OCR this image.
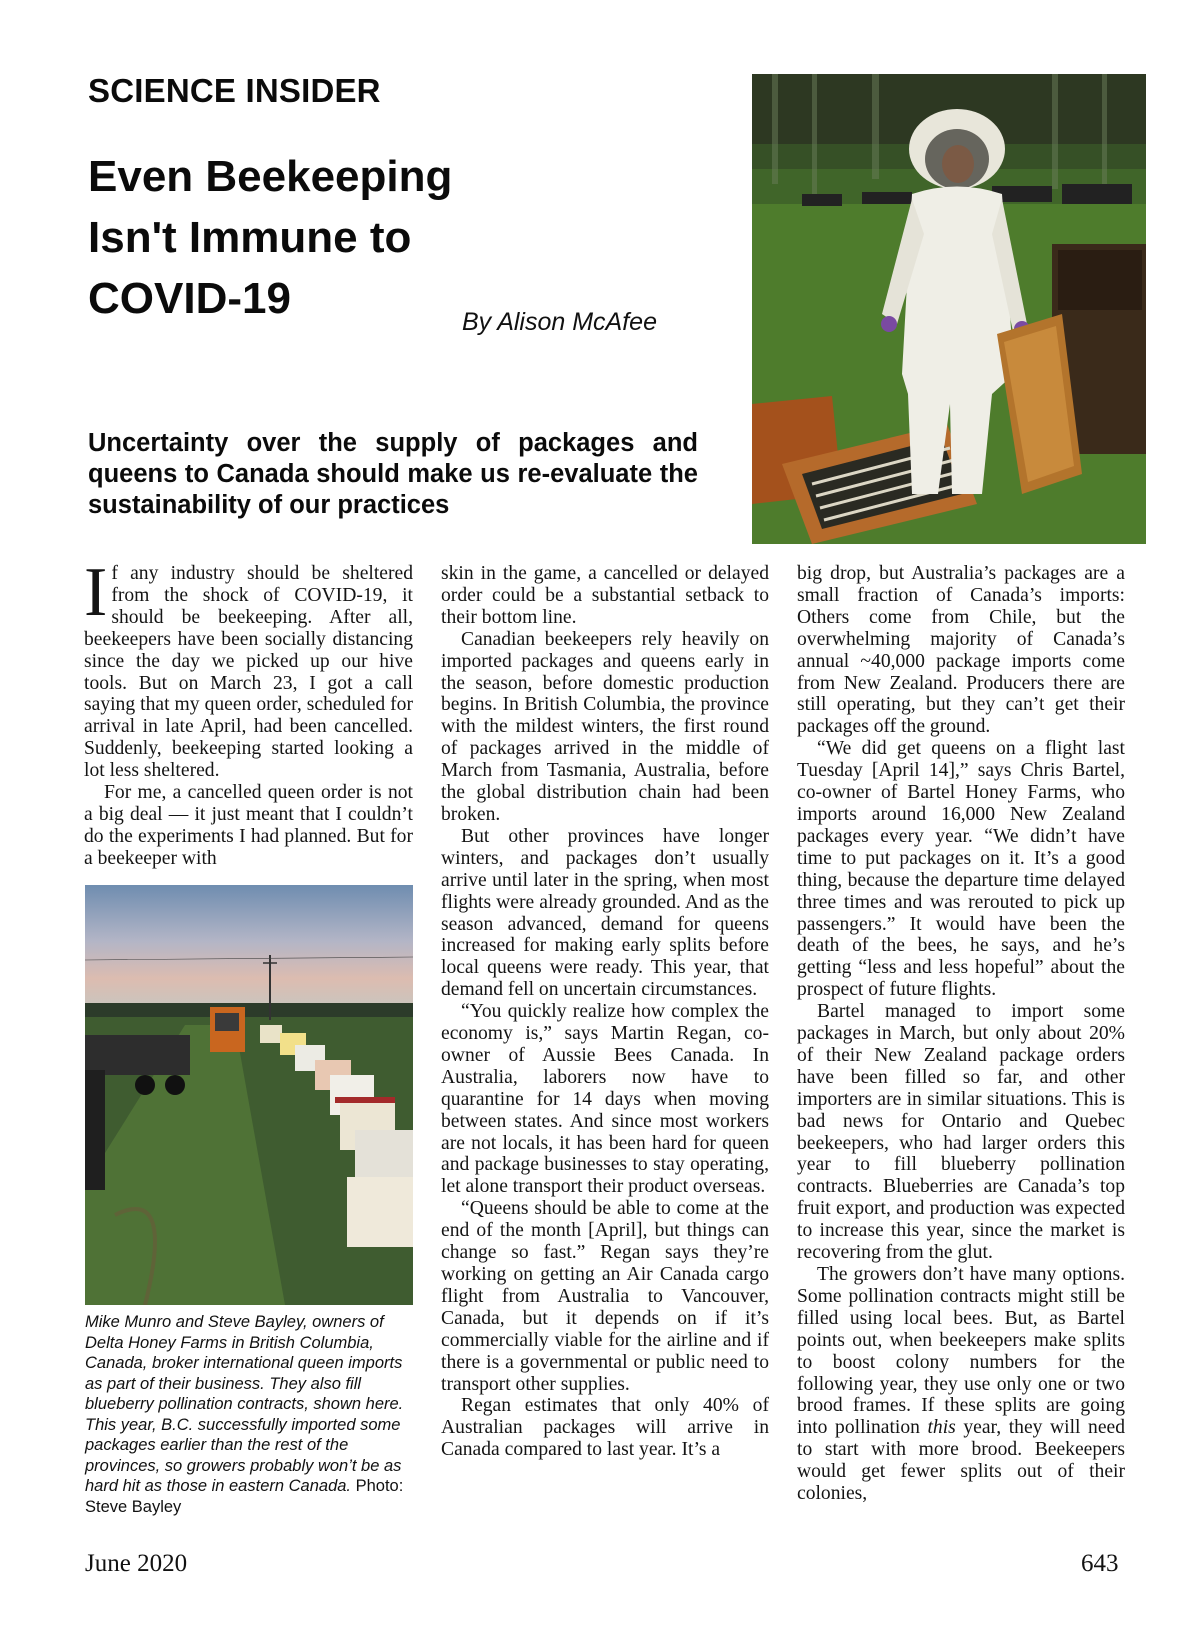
SCIENCE INSIDER
Even Beekeeping
Isn't Immune to
COVID-19	By Alison McAfee
Uncertainty over the supply of packages and queens to Canada should make us re-evaluate the sustainability of our practices

If any industry should be sheltered from the shock of COVID-19, it should be beekeeping. After all, beekeepers have been socially distancing since the day we picked up our hive tools. But on March 23, I got a call saying that my queen order, scheduled for arrival in late April, had been cancelled. Suddenly, beekeeping started looking a lot less sheltered.

For me, a cancelled queen order is not a big deal — it just meant that I couldn’t do the experiments I had planned. But for a beekeeper with

Mike Munro and Steve Bayley, owners of Delta Honey Farms in British Columbia, Canada, broker international queen imports as part of their business. They also fill blueberry pollination contracts, shown here. This year, B.C. successfully imported some packages earlier than the rest of the provinces, so growers probably won’t be as hard hit as those in eastern Canada. Photo: Steve Bayley

skin in the game, a cancelled or delayed order could be a substantial setback to their bottom line.

Canadian beekeepers rely heavily on imported packages and queens early in the season, before domestic production begins. In British Columbia, the province with the mildest winters, the first round of packages arrived in the middle of March from Tasmania, Australia, before the global distribution chain had been broken.

But other provinces have longer winters, and packages don’t usually arrive until later in the spring, when most flights were already grounded. And as the season advanced, demand for queens increased for making early splits before local queens were ready. This year, that demand fell on uncertain circumstances.

“You quickly realize how complex the economy is,” says Martin Regan, co-owner of Aussie Bees Canada. In Australia, laborers now have to quarantine for 14 days when moving between states. And since most workers are not locals, it has been hard for queen and package businesses to stay operating, let alone transport their product overseas.

“Queens should be able to come at the end of the month [April], but things can change so fast.” Regan says they’re working on getting an Air Canada cargo flight from Australia to Vancouver, Canada, but it depends on if it’s commercially viable for the airline and if there is a governmental or public need to transport other supplies.

Regan estimates that only 40% of Australian packages will arrive in Canada compared to last year. It’s a

big drop, but Australia’s packages are a small fraction of Canada’s imports: Others come from Chile, but the overwhelming majority of Canada’s annual ~40,000 package imports come from New Zealand. Producers there are still operating, but they can’t get their packages off the ground.

“We did get queens on a flight last Tuesday [April 14],” says Chris Bartel, co-owner of Bartel Honey Farms, who imports around 16,000 New Zealand packages every year. “We didn’t have time to put packages on it. It’s a good thing, because the departure time delayed three times and was rerouted to pick up passengers.” It would have been the death of the bees, he says, and he’s getting “less and less hopeful” about the prospect of future flights.

Bartel managed to import some packages in March, but only about 20% of their New Zealand package orders have been filled so far, and other importers are in similar situations. This is bad news for Ontario and Quebec beekeepers, who had larger orders this year to fill blueberry pollination contracts. Blueberries are Canada’s top fruit export, and production was expected to increase this year, since the market is recovering from the glut.

The growers don’t have many options. Some pollination contracts might still be filled using local bees. But, as Bartel points out, when beekeepers make splits to boost colony numbers for the following year, they use only one or two brood frames. If these splits are going into pollination this year, they will need to start with more brood. Beekeepers would get fewer splits out of their colonies,

June 2020	643
